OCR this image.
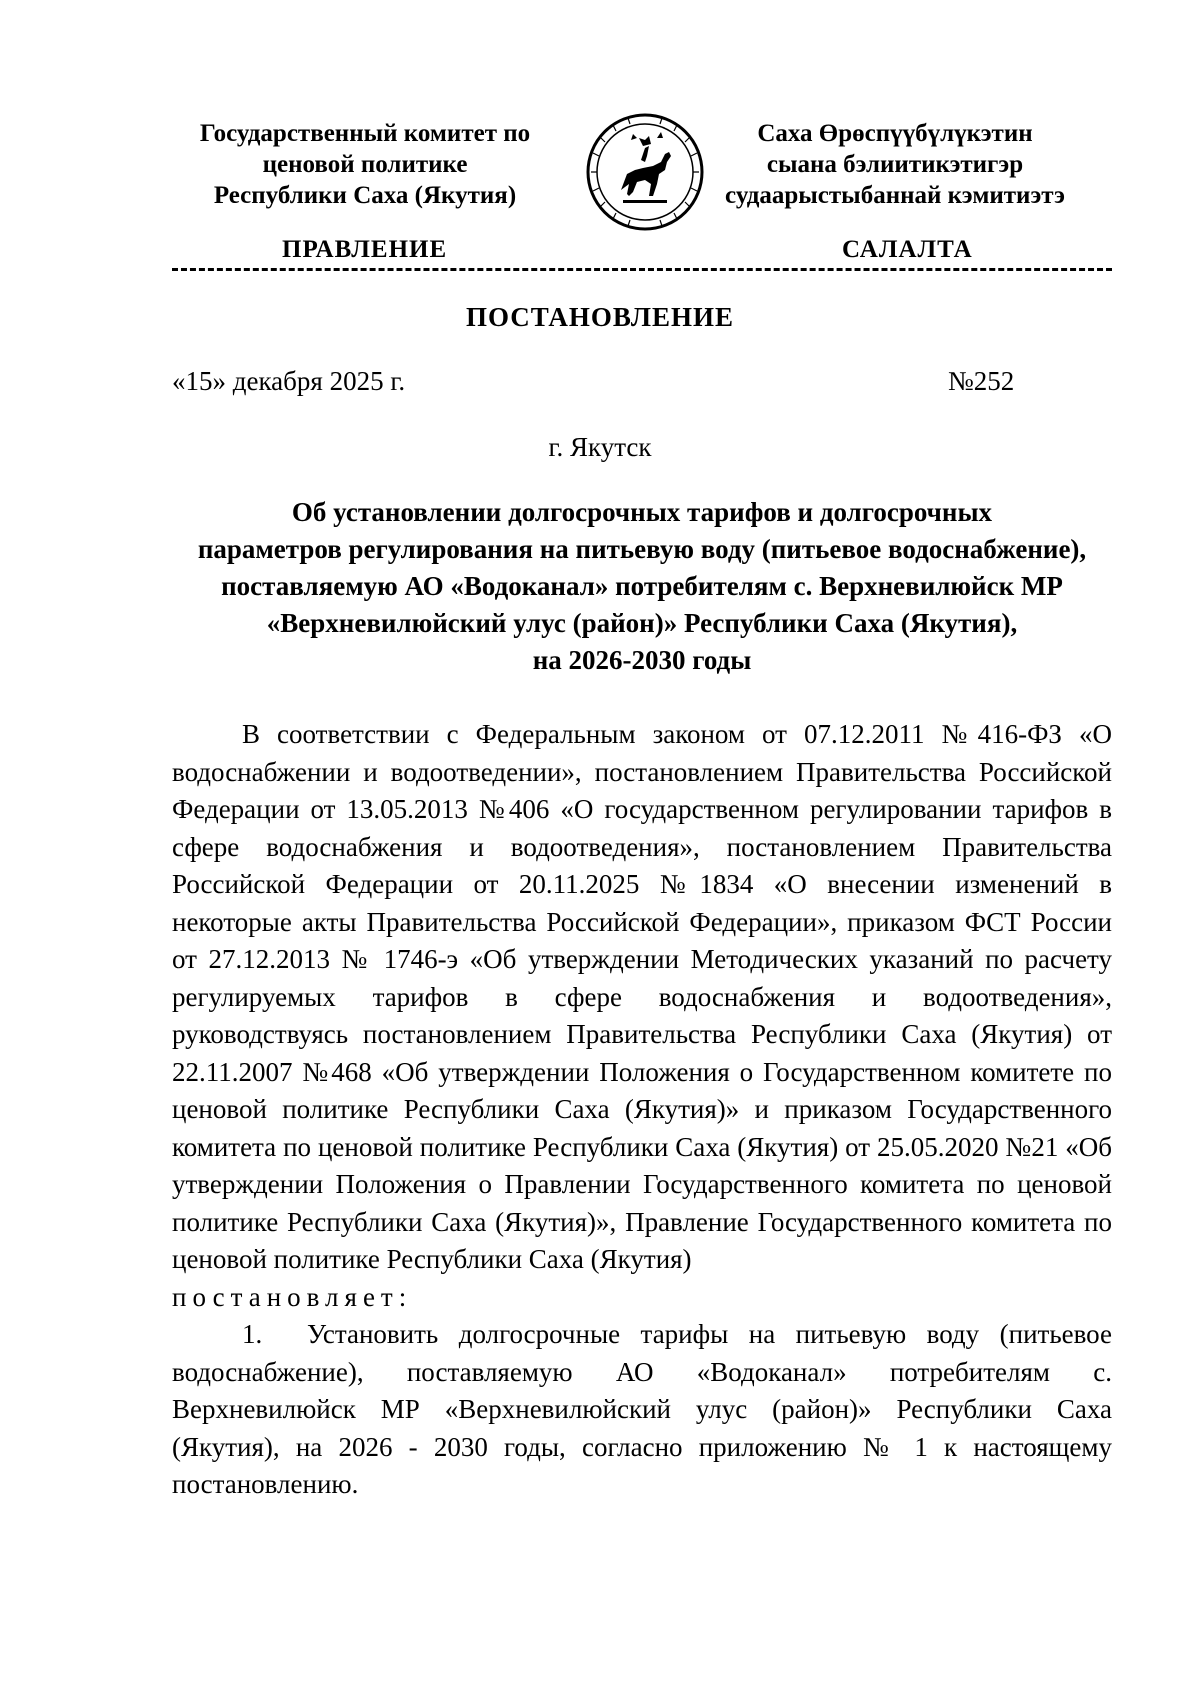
Государственный комитет по
ценовой политике
Республики Саха (Якутия)
Саха Өрөспүүбүлүкэтин
сыана бэлиитикэтигэр
судаарыстыбаннай кэмитиэтэ
ПРАВЛЕНИЕ	САЛАЛТА
ПОСТАНОВЛЕНИЕ
«15» декабря 2025 г.	№252
г. Якутск
Об установлении долгосрочных тарифов и долгосрочных
параметров регулирования на питьевую воду (питьевое водоснабжение),
поставляемую АО «Водоканал» потребителям с. Верхневилюйск МР
«Верхневилюйский улус (район)» Республики Саха (Якутия),
на 2026-2030 годы

В соответствии с Федеральным законом от 07.12.2011 №416-ФЗ «О водоснабжении и водоотведении», постановлением Правительства Российской Федерации от 13.05.2013 №406 «О государственном регулировании тарифов в сфере водоснабжения и водоотведения», постановлением Правительства Российской Федерации от 20.11.2025 №1834 «О внесении изменений в некоторые акты Правительства Российской Федерации», приказом ФСТ России от 27.12.2013 № 1746-э «Об утверждении Методических указаний по расчету регулируемых тарифов в сфере водоснабжения и водоотведения», руководствуясь постановлением Правительства Республики Саха (Якутия) от 22.11.2007 №468 «Об утверждении Положения о Государственном комитете по ценовой политике Республики Саха (Якутия)» и приказом Государственного комитета по ценовой политике Республики Саха (Якутия) от 25.05.2020 №21 «Об утверждении Положения о Правлении Государственного комитета по ценовой политике Республики Саха (Якутия)», Правление Государственного комитета по ценовой политике Республики Саха (Якутия)

постановляет:

1. Установить долгосрочные тарифы на питьевую воду (питьевое водоснабжение), поставляемую АО «Водоканал» потребителям с. Верхневилюйск МР «Верхневилюйский улус (район)» Республики Саха (Якутия), на 2026 - 2030 годы, согласно приложению № 1 к настоящему постановлению.
